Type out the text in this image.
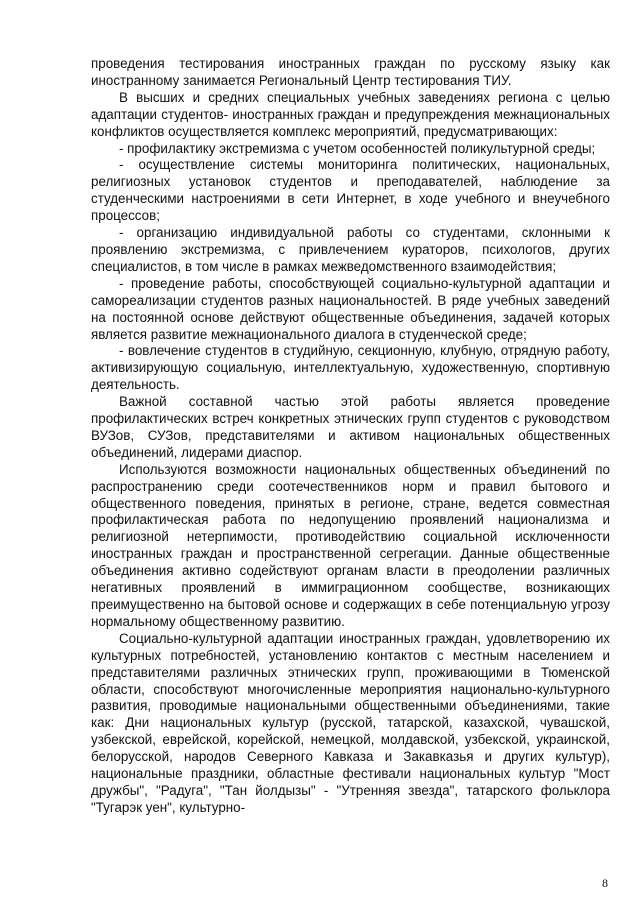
проведения тестирования иностранных граждан по русскому языку как иностранному занимается Региональный Центр тестирования ТИУ.

В высших и средних специальных учебных заведениях региона с целью адаптации студентов- иностранных граждан и предупреждения межнациональных конфликтов осуществляется комплекс мероприятий, предусматривающих:

- профилактику экстремизма с учетом особенностей поликультурной среды;

- осуществление системы мониторинга политических, национальных, религиозных установок студентов и преподавателей, наблюдение за студенческими настроениями в сети Интернет, в ходе учебного и внеучебного процессов;

- организацию индивидуальной работы со студентами, склонными к проявлению экстремизма, с привлечением кураторов, психологов, других специалистов, в том числе в рамках межведомственного взаимодействия;

- проведение работы, способствующей социально-культурной адаптации и самореализации студентов разных национальностей. В ряде учебных заведений на постоянной основе действуют общественные объединения, задачей которых является развитие межнационального диалога в студенческой среде;

- вовлечение студентов в студийную, секционную, клубную, отрядную работу, активизирующую социальную, интеллектуальную, художественную, спортивную деятельность.

Важной составной частью этой работы является проведение профилактических встреч конкретных этнических групп студентов с руководством ВУЗов, СУЗов, представителями и активом национальных общественных объединений, лидерами диаспор.

Используются возможности национальных общественных объединений по распространению среди соотечественников норм и правил бытового и общественного поведения, принятых в регионе, стране, ведется совместная профилактическая работа по недопущению проявлений национализма и религиозной нетерпимости, противодействию социальной исключенности иностранных граждан и пространственной сегрегации. Данные общественные объединения активно содействуют органам власти в преодолении различных негативных проявлений в иммиграционном сообществе, возникающих преимущественно на бытовой основе и содержащих в себе потенциальную угрозу нормальному общественному развитию.

Социально-культурной адаптации иностранных граждан, удовлетворению их культурных потребностей, установлению контактов с местным населением и представителями различных этнических групп, проживающими в Тюменской области, способствуют многочисленные мероприятия национально-культурного развития, проводимые национальными общественными объединениями, такие как: Дни национальных культур (русской, татарской, казахской, чувашской, узбекской, еврейской, корейской, немецкой, молдавской, узбекской, украинской, белорусской, народов Северного Кавказа и Закавказья и других культур), национальные праздники, областные фестивали национальных культур "Мост дружбы", "Радуга", "Тан йолдызы" - "Утренняя звезда", татарского фольклора "Тугарэк уен", культурно-

8
